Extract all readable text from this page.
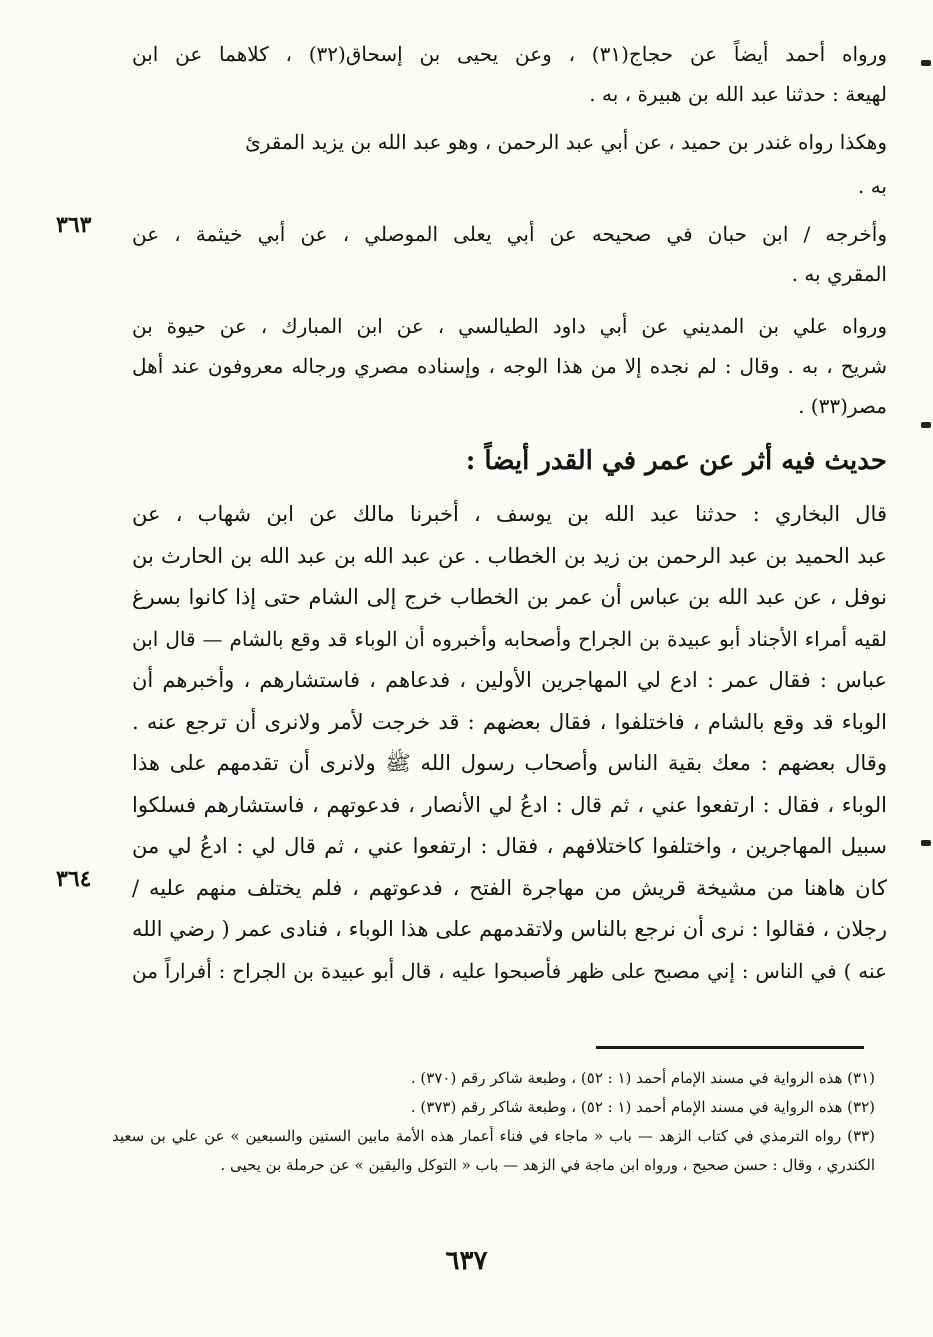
ورواه أحمد أيضاً عن حجاج(٣١) ، وعن يحيى بن إسحاق(٣٢) ، كلاهما عن ابن
لهيعة : حدثنا عبد الله بن هبيرة ، به .
وهكذا رواه غندر بن حميد ، عن أبي عبد الرحمن ، وهو عبد الله بن يزيد المقرئ
به .
٣٦٣ وأخرجه / ابن حبان في صحيحه عن أبي يعلى الموصلي ، عن أبي خيثمة ، عن
المقري به .
ورواه علي بن المديني عن أبي داود الطيالسي ، عن ابن المبارك ، عن حيوة بن
شريح ، به . وقال : لم نجده إلا من هذا الوجه ، وإسناده مصري ورجاله معروفون عند أهل
مصر(٣٣) .
حديث فيه أثر عن عمر في القدر أيضاً :
قال البخاري : حدثنا عبد الله بن يوسف ، أخبرنا مالك عن ابن شهاب ، عن
عبد الحميد بن عبد الرحمن بن زيد بن الخطاب . عن عبد الله بن عبد الله بن الحارث بن
نوفل ، عن عبد الله بن عباس أن عمر بن الخطاب خرج إلى الشام حتى إذا كانوا بسرغ
لقيه أمراء الأجناد أبو عبيدة بن الجراح وأصحابه وأخبروه أن الوباء قد وقع بالشام — قال ابن
عباس : فقال عمر : ادع لي المهاجرين الأولين ، فدعاهم ، فاستشارهم ، وأخبرهم أن
الوباء قد وقع بالشام ، فاختلفوا ، فقال بعضهم : قد خرجت لأمر ولانرى أن ترجع عنه .
وقال بعضهم : معك بقية الناس وأصحاب رسول الله ﷺ ولانرى أن تقدمهم على هذا
الوباء ، فقال : ارتفعوا عني ، ثم قال : ادعُ لي الأنصار ، فدعوتهم ، فاستشارهم فسلكوا
سبيل المهاجرين ، واختلفوا كاختلافهم ، فقال : ارتفعوا عني ، ثم قال لي : ادعُ لي من
كان هاهنا من مشيخة قريش من مهاجرة الفتح ، فدعوتهم ، فلم يختلف منهم عليه /
رجلان ، فقالوا : نرى أن نرجع بالناس ولاتقدمهم على هذا الوباء ، فنادى عمر ( رضي الله
عنه ) في الناس : إني مصبح على ظهر فأصبحوا عليه ، قال أبو عبيدة بن الجراح : أفراراً من
٣٦٤
(٣١) هذه الرواية في مسند الإمام أحمد (١ : ٥٢) ، وطبعة شاكر رقم (٣٧٠) .
(٣٢) هذه الرواية في مسند الإمام أحمد (١ : ٥٢) ، وطبعة شاكر رقم (٣٧٣) .
(٣٣) رواه الترمذي في كتاب الزهد — باب « ماجاء في فناء أعمار هذه الأمة مابين الستين والسبعين » عن علي بن سعيد
الكندري ، وقال : حسن صحيح ، ورواه ابن ماجة في الزهد — باب « التوكل واليقين » عن حرملة بن يحيى .
٦٣٧
